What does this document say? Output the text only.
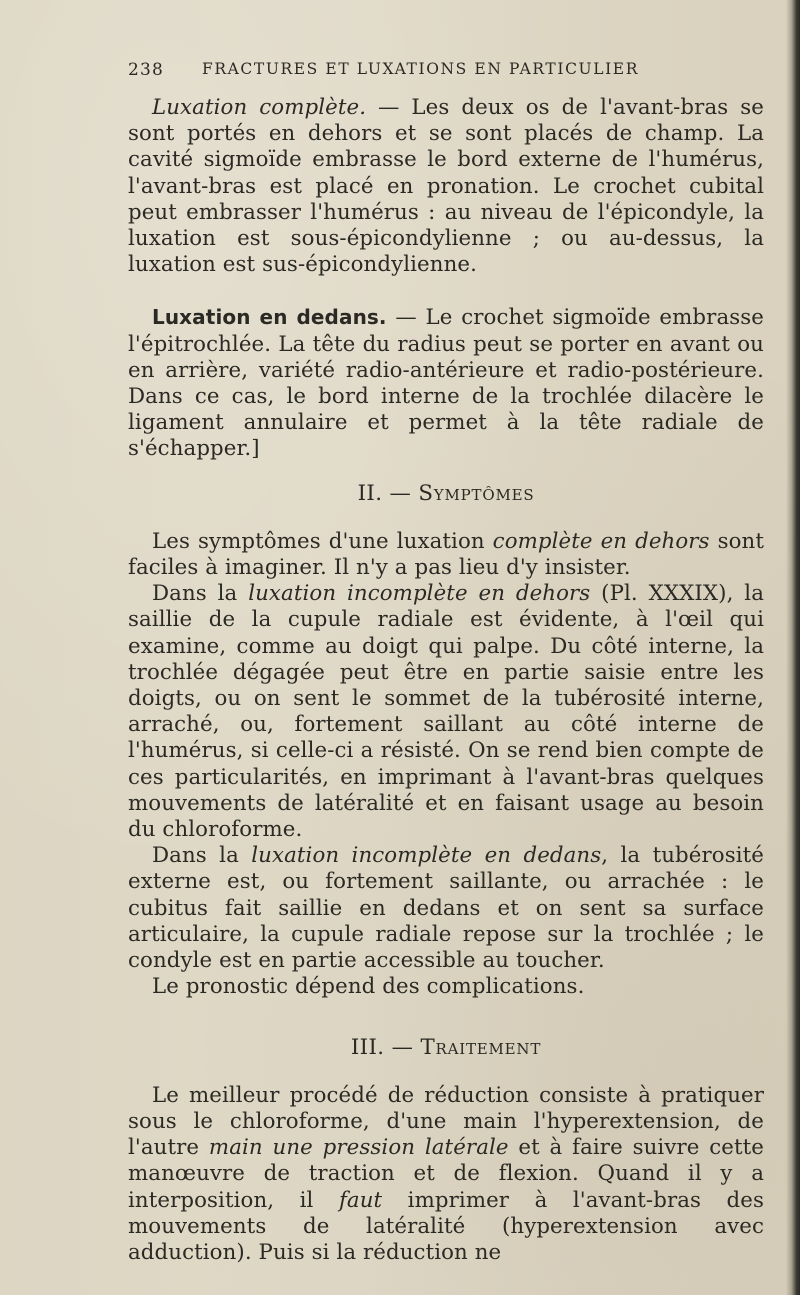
238 FRACTURES ET LUXATIONS EN PARTICULIER

Luxation complète. — Les deux os de l'avant-bras se sont portés en dehors et se sont placés de champ. La cavité sigmoïde embrasse le bord externe de l'humérus, l'avant-bras est placé en pronation. Le crochet cubital peut embrasser l'humérus : au niveau de l'épicondyle, la luxation est sous-épicondylienne ; ou au-dessus, la luxation est sus-épicondylienne.

Luxation en dedans. — Le crochet sigmoïde embrasse l'épitrochlée. La tête du radius peut se porter en avant ou en arrière, variété radio-antérieure et radio-postérieure. Dans ce cas, le bord interne de la trochlée dilacère le ligament annulaire et permet à la tête radiale de s'échapper.]

II. — Symptômes

Les symptômes d'une luxation complète en dehors sont faciles à imaginer. Il n'y a pas lieu d'y insister.

Dans la luxation incomplète en dehors (Pl. XXXIX), la saillie de la cupule radiale est évidente, à l'œil qui examine, comme au doigt qui palpe. Du côté interne, la trochlée dégagée peut être en partie saisie entre les doigts, ou on sent le sommet de la tubérosité interne, arraché, ou, fortement saillant au côté interne de l'humérus, si celle-ci a résisté. On se rend bien compte de ces particularités, en imprimant à l'avant-bras quelques mouvements de latéralité et en faisant usage au besoin du chloroforme.

Dans la luxation incomplète en dedans, la tubérosité externe est, ou fortement saillante, ou arrachée : le cubitus fait saillie en dedans et on sent sa surface articulaire, la cupule radiale repose sur la trochlée ; le condyle est en partie accessible au toucher.

Le pronostic dépend des complications.

III. — Traitement

Le meilleur procédé de réduction consiste à pratiquer sous le chloroforme, d'une main l'hyperextension, de l'autre main une pression latérale et à faire suivre cette manœuvre de traction et de flexion. Quand il y a interposition, il faut imprimer à l'avant-bras des mouvements de latéralité (hyperextension avec adduction). Puis si la réduction ne
